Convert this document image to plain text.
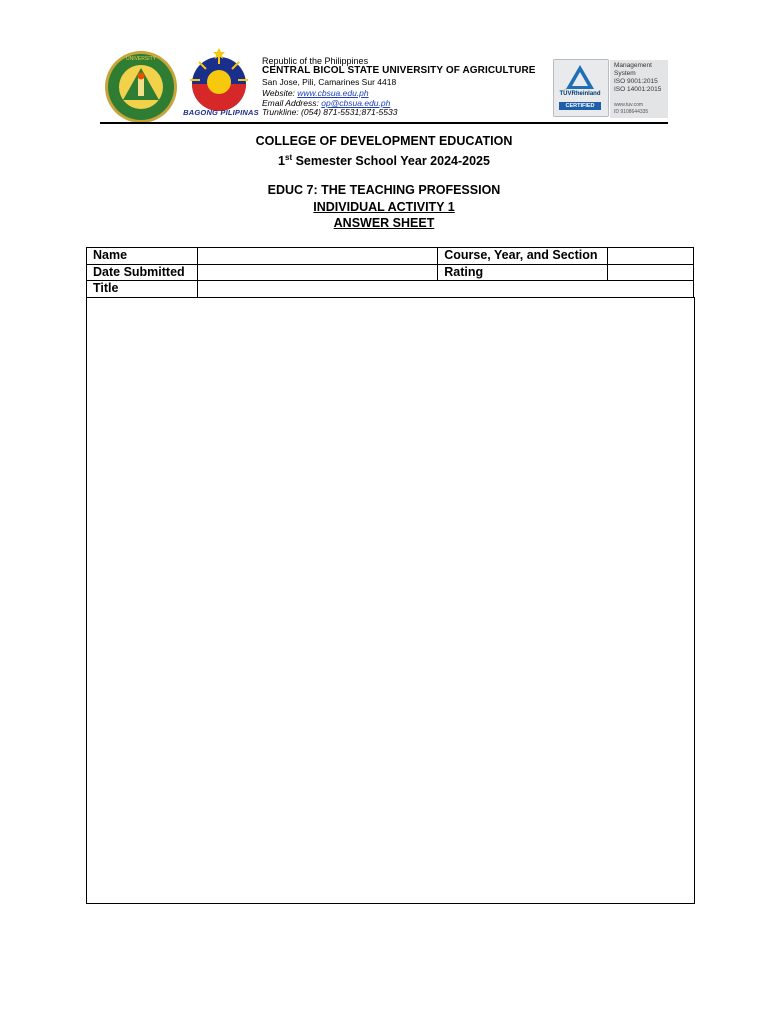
UNIVERSITY
BAGONG PILIPINAS
Republic of the Philippines
CENTRAL BICOL STATE UNIVERSITY OF AGRICULTURE
San Jose, Pili, Camarines Sur 4418
Website: www.cbsua.edu.ph
Email Address: op@cbsua.edu.ph
Trunkline: (054) 871-5531;871-5533
TÜVRheinland
CERTIFIED
Management
System
ISO 9001:2015
ISO 14001:2015
www.tuv.com
ID 9108644335
COLLEGE OF DEVELOPMENT EDUCATION
1st Semester School Year 2024-2025
EDUC 7: THE TEACHING PROFESSION
INDIVIDUAL ACTIVITY 1
ANSWER SHEET
Name		Course, Year, and Section	
Date Submitted		Rating	
Title			
